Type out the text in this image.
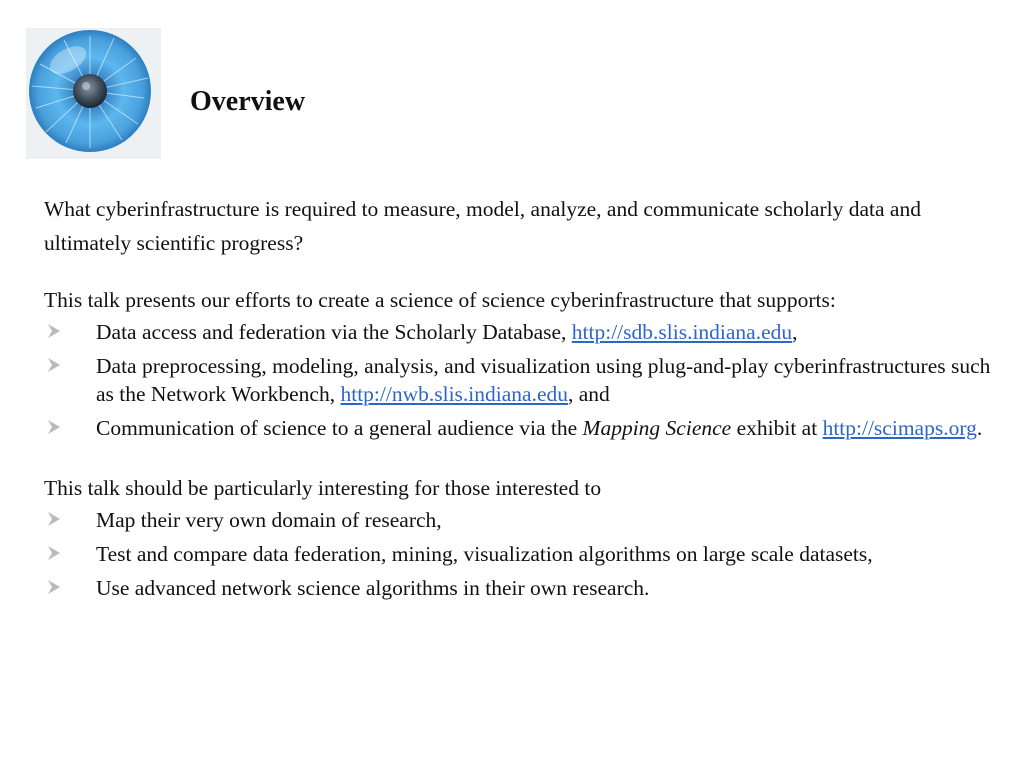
Overview

What cyberinfrastructure is required to measure, model, analyze, and communicate scholarly data and ultimately scientific progress?

This talk presents our efforts to create a science of science cyberinfrastructure that supports:

Data access and federation via the Scholarly Database, http://sdb.slis.indiana.edu,
Data preprocessing, modeling, analysis, and visualization using plug-and-play cyberinfrastructures such as the Network Workbench, http://nwb.slis.indiana.edu, and
Communication of science to a general audience via the Mapping Science exhibit at http://scimaps.org.

This talk should be particularly interesting for those interested to

Map their very own domain of research,
Test and compare data federation, mining, visualization algorithms on large scale datasets,
Use advanced network science algorithms in their own research.
